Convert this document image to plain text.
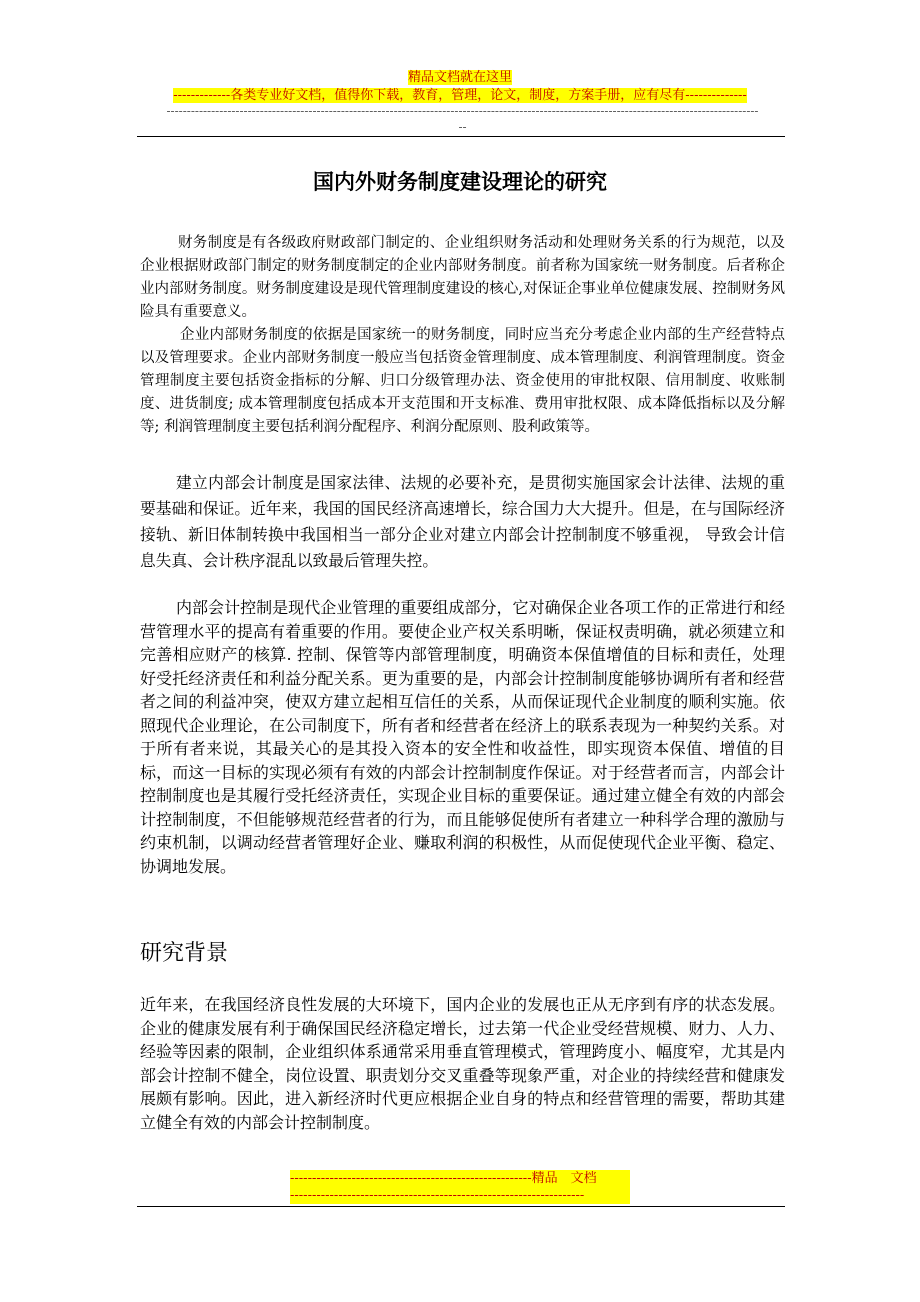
精品文档就在这里
-------------各类专业好文档，值得你下载，教育，管理，论文，制度，方案手册，应有尽有--------------
--------------------------------------------------------------------------------------------------------------------------------------------------
--
国内外财务制度建设理论的研究

财务制度是有各级政府财政部门制定的、企业组织财务活动和处理财务关系的行为规范，以及企业根据财政部门制定的财务制度制定的企业内部财务制度。前者称为国家统一财务制度。后者称企业内部财务制度。财务制度建设是现代管理制度建设的核心,对保证企事业单位健康发展、控制财务风险具有重要意义。

企业内部财务制度的依据是国家统一的财务制度，同时应当充分考虑企业内部的生产经营特点以及管理要求。企业内部财务制度一般应当包括资金管理制度、成本管理制度、利润管理制度。资金管理制度主要包括资金指标的分解、归口分级管理办法、资金使用的审批权限、信用制度、收账制度、进货制度; 成本管理制度包括成本开支范围和开支标准、费用审批权限、成本降低指标以及分解等; 利润管理制度主要包括利润分配程序、利润分配原则、股利政策等。

建立内部会计制度是国家法律、法规的必要补充，是贯彻实施国家会计法律、法规的重要基础和保证。近年来，我国的国民经济高速增长，综合国力大大提升。但是，在与国际经济接轨、新旧体制转换中我国相当一部分企业对建立内部会计控制制度不够重视， 导致会计信息失真、会计秩序混乱以致最后管理失控。

内部会计控制是现代企业管理的重要组成部分，它对确保企业各项工作的正常进行和经营管理水平的提高有着重要的作用。要使企业产权关系明晰，保证权责明确，就必须建立和完善相应财产的核算. 控制、保管等内部管理制度，明确资本保值增值的目标和责任，处理好受托经济责任和利益分配关系。更为重要的是，内部会计控制制度能够协调所有者和经营者之间的利益冲突，使双方建立起相互信任的关系，从而保证现代企业制度的顺利实施。依照现代企业理论，在公司制度下，所有者和经营者在经济上的联系表现为一种契约关系。对于所有者来说，其最关心的是其投入资本的安全性和收益性，即实现资本保值、增值的目标，而这一目标的实现必须有有效的内部会计控制制度作保证。对于经营者而言，内部会计控制制度也是其履行受托经济责任，实现企业目标的重要保证。通过建立健全有效的内部会计控制制度，不但能够规范经营者的行为，而且能够促使所有者建立一种科学合理的激励与约束机制，以调动经营者管理好企业、赚取利润的积极性，从而促使现代企业平衡、稳定、协调地发展。

研究背景

近年来，在我国经济良性发展的大环境下，国内企业的发展也正从无序到有序的状态发展。企业的健康发展有利于确保国民经济稳定增长，过去第一代企业受经营规模、财力、人力、经验等因素的限制，企业组织体系通常采用垂直管理模式，管理跨度小、幅度窄，尤其是内部会计控制不健全，岗位设置、职责划分交叉重叠等现象严重，对企业的持续经营和健康发展颇有影响。因此，进入新经济时代更应根据企业自身的特点和经营管理的需要，帮助其建立健全有效的内部会计控制制度。

-------------------------------------------------------精品　文档
-------------------------------------------------------------------
